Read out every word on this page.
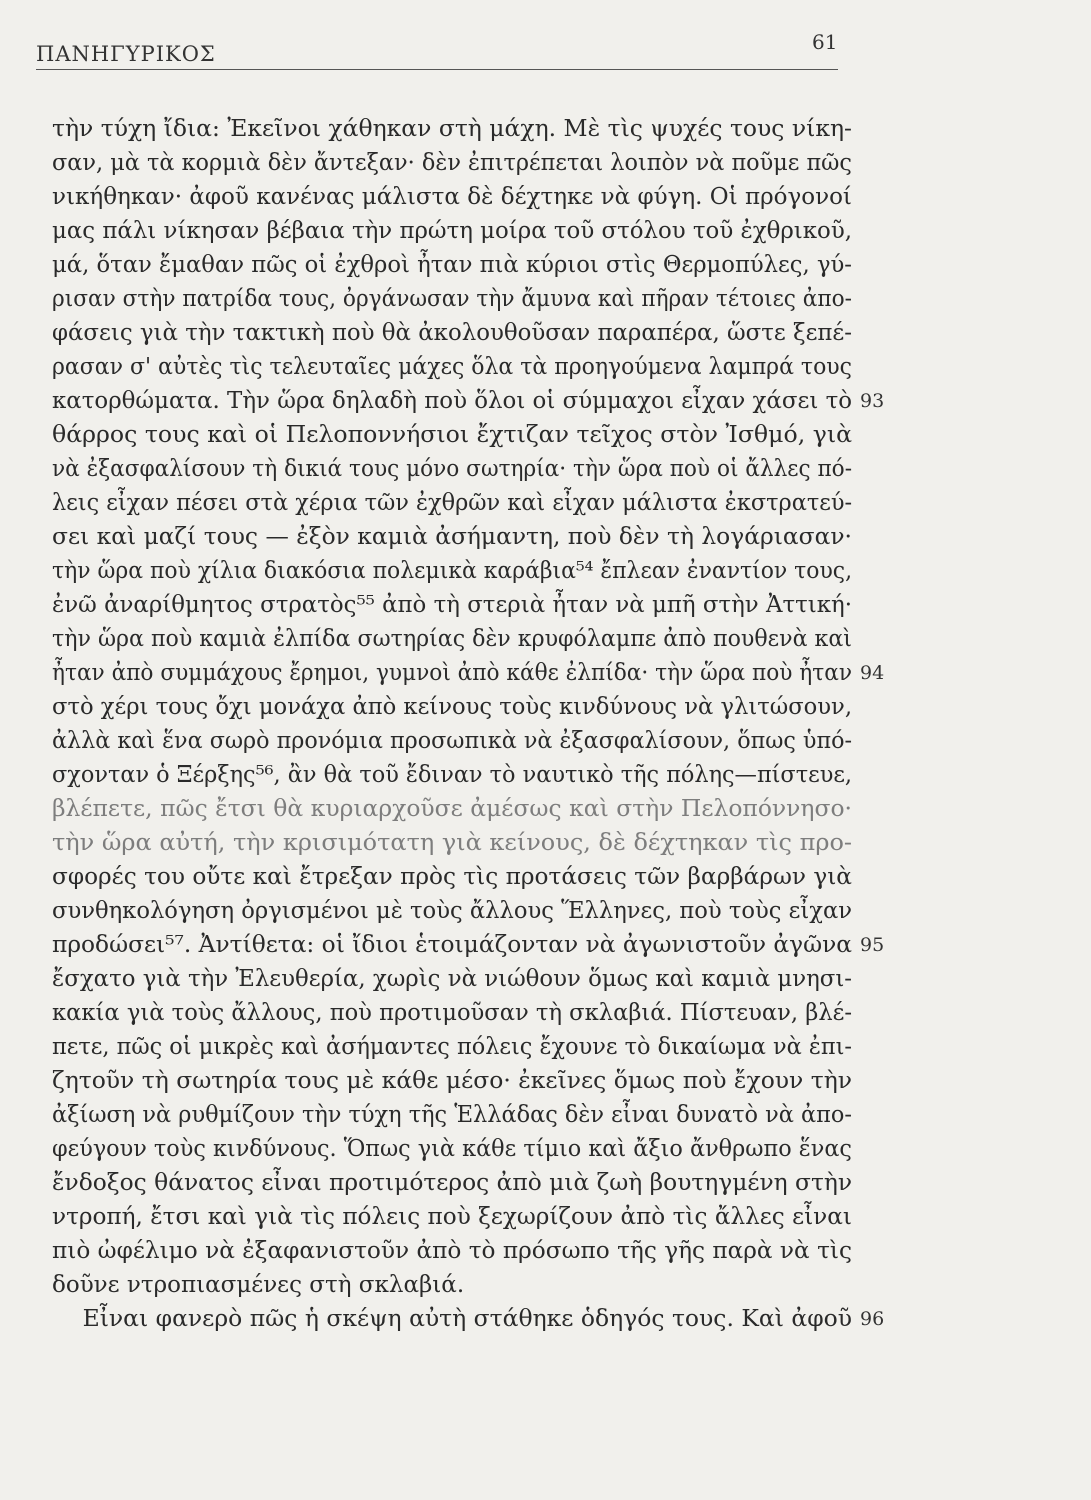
ΠΑΝΗΓΥΡΙΚΟΣ	61
τὴν τύχη ἴδια: Ἐκεῖνοι χάθηκαν στὴ μάχη. Μὲ τὶς ψυχές τους νίκη-
σαν, μὰ τὰ κορμιὰ δὲν ἄντεξαν· δὲν ἐπιτρέπεται λοιπὸν νὰ ποῦμε πῶς
νικήθηκαν· ἀφοῦ κανένας μάλιστα δὲ δέχτηκε νὰ φύγη. Οἱ πρόγονοί
μας πάλι νίκησαν βέβαια τὴν πρώτη μοίρα τοῦ στόλου τοῦ ἐχθρικοῦ,
μά, ὅταν ἔμαθαν πῶς οἱ ἐχθροὶ ἦταν πιὰ κύριοι στὶς Θερμοπύλες, γύ-
ρισαν στὴν πατρίδα τους, ὀργάνωσαν τὴν ἄμυνα καὶ πῆραν τέτοιες ἀπο-
φάσεις γιὰ τὴν τακτικὴ ποὺ θὰ ἀκολουθοῦσαν παραπέρα, ὥστε ξεπέ-
ρασαν σ' αὐτὲς τὶς τελευταῖες μάχες ὅλα τὰ προηγούμενα λαμπρά τους
κατορθώματα. Τὴν ὥρα δηλαδὴ ποὺ ὅλοι οἱ σύμμαχοι εἶχαν χάσει τὸ 93
θάρρος τους καὶ οἱ Πελοποννήσιοι ἔχτιζαν τεῖχος στὸν Ἰσθμό, γιὰ
νὰ ἐξασφαλίσουν τὴ δικιά τους μόνο σωτηρία· τὴν ὥρα ποὺ οἱ ἄλλες πό-
λεις εἶχαν πέσει στὰ χέρια τῶν ἐχθρῶν καὶ εἶχαν μάλιστα ἐκστρατεύ-
σει καὶ μαζί τους — ἐξὸν καμιὰ ἀσήμαντη, ποὺ δὲν τὴ λογάριασαν·
τὴν ὥρα ποὺ χίλια διακόσια πολεμικὰ καράβια⁵⁴ ἔπλεαν ἐναντίον τους,
ἐνῶ ἀναρίθμητος στρατὸς⁵⁵ ἀπὸ τὴ στεριὰ ἦταν νὰ μπῆ στὴν Ἀττική·
τὴν ὥρα ποὺ καμιὰ ἐλπίδα σωτηρίας δὲν κρυφόλαμπε ἀπὸ πουθενὰ καὶ
ἦταν ἀπὸ συμμάχους ἔρημοι, γυμνοὶ ἀπὸ κάθε ἐλπίδα· τὴν ὥρα ποὺ ἦταν 94
στὸ χέρι τους ὄχι μονάχα ἀπὸ κείνους τοὺς κινδύνους νὰ γλιτώσουν,
ἀλλὰ καὶ ἕνα σωρὸ προνόμια προσωπικὰ νὰ ἐξασφαλίσουν, ὅπως ὑπό-
σχονταν ὁ Ξέρξης⁵⁶, ἂν θὰ τοῦ ἔδιναν τὸ ναυτικὸ τῆς πόλης—πίστευε,
βλέπετε, πῶς ἔτσι θὰ κυριαρχοῦσε ἀμέσως καὶ στὴν Πελοπόννησο·
τὴν ὥρα αὐτή, τὴν κρισιμότατη γιὰ κείνους, δὲ δέχτηκαν τὶς προ-
σφορές του οὔτε καὶ ἔτρεξαν πρὸς τὶς προτάσεις τῶν βαρβάρων γιὰ
συνθηκολόγηση ὀργισμένοι μὲ τοὺς ἄλλους Ἕλληνες, ποὺ τοὺς εἶχαν
προδώσει⁵⁷. Ἀντίθετα: οἱ ἴδιοι ἑτοιμάζονταν νὰ ἀγωνιστοῦν ἀγῶνα 95
ἔσχατο γιὰ τὴν Ἐλευθερία, χωρὶς νὰ νιώθουν ὅμως καὶ καμιὰ μνησι-
κακία γιὰ τοὺς ἄλλους, ποὺ προτιμοῦσαν τὴ σκλαβιά. Πίστευαν, βλέ-
πετε, πῶς οἱ μικρὲς καὶ ἀσήμαντες πόλεις ἔχουνε τὸ δικαίωμα νὰ ἐπι-
ζητοῦν τὴ σωτηρία τους μὲ κάθε μέσο· ἐκεῖνες ὅμως ποὺ ἔχουν τὴν
ἀξίωση νὰ ρυθμίζουν τὴν τύχη τῆς Ἑλλάδας δὲν εἶναι δυνατὸ νὰ ἀπο-
φεύγουν τοὺς κινδύνους. Ὅπως γιὰ κάθε τίμιο καὶ ἄξιο ἄνθρωπο ἕνας
ἔνδοξος θάνατος εἶναι προτιμότερος ἀπὸ μιὰ ζωὴ βουτηγμένη στὴν
ντροπή, ἔτσι καὶ γιὰ τὶς πόλεις ποὺ ξεχωρίζουν ἀπὸ τὶς ἄλλες εἶναι
πιὸ ὠφέλιμο νὰ ἐξαφανιστοῦν ἀπὸ τὸ πρόσωπο τῆς γῆς παρὰ νὰ τὶς
δοῦνε ντροπιασμένες στὴ σκλαβιά.
Εἶναι φανερὸ πῶς ἡ σκέψη αὐτὴ στάθηκε ὁδηγός τους. Καὶ ἀφοῦ 96
